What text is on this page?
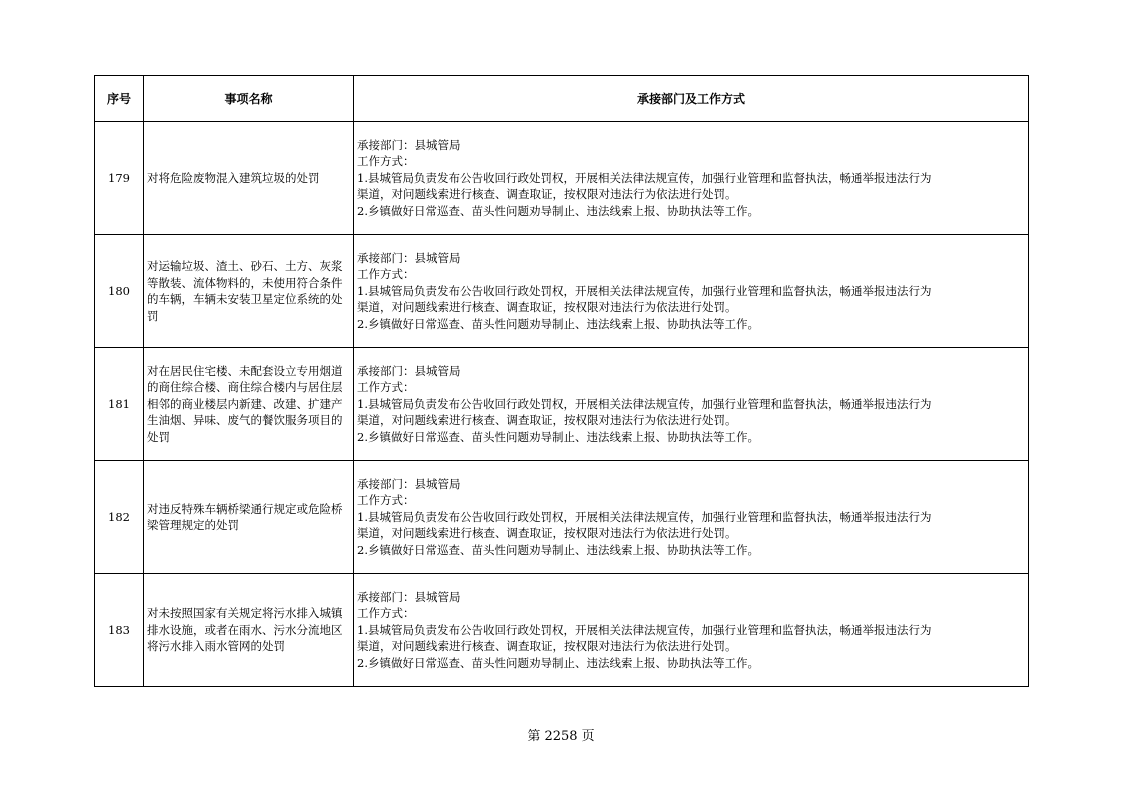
序号	事项名称	承接部门及工作方式
179	对将危险废物混入建筑垃圾的处罚	承接部门：县城管局
工作方式：
1.县城管局负责发布公告收回行政处罚权，开展相关法律法规宣传，加强行业管理和监督执法，畅通举报违法行为
渠道，对问题线索进行核查、调查取证，按权限对违法行为依法进行处罚。
2.乡镇做好日常巡查、苗头性问题劝导制止、违法线索上报、协助执法等工作。

180	对运输垃圾、渣土、砂石、土方、灰浆等散装、流体物料的，未使用符合条件的车辆，车辆未安装卫星定位系统的处罚	承接部门：县城管局
工作方式：
1.县城管局负责发布公告收回行政处罚权，开展相关法律法规宣传，加强行业管理和监督执法，畅通举报违法行为
渠道，对问题线索进行核查、调查取证，按权限对违法行为依法进行处罚。
2.乡镇做好日常巡查、苗头性问题劝导制止、违法线索上报、协助执法等工作。

181	对在居民住宅楼、未配套设立专用烟道的商住综合楼、商住综合楼内与居住层相邻的商业楼层内新建、改建、扩建产生油烟、异味、废气的餐饮服务项目的处罚	承接部门：县城管局
工作方式：
1.县城管局负责发布公告收回行政处罚权，开展相关法律法规宣传，加强行业管理和监督执法，畅通举报违法行为
渠道，对问题线索进行核查、调查取证，按权限对违法行为依法进行处罚。
2.乡镇做好日常巡查、苗头性问题劝导制止、违法线索上报、协助执法等工作。

182	对违反特殊车辆桥梁通行规定或危险桥梁管理规定的处罚	承接部门：县城管局
工作方式：
1.县城管局负责发布公告收回行政处罚权，开展相关法律法规宣传，加强行业管理和监督执法，畅通举报违法行为
渠道，对问题线索进行核查、调查取证，按权限对违法行为依法进行处罚。
2.乡镇做好日常巡查、苗头性问题劝导制止、违法线索上报、协助执法等工作。

183	对未按照国家有关规定将污水排入城镇排水设施，或者在雨水、污水分流地区将污水排入雨水管网的处罚	承接部门：县城管局
工作方式：
1.县城管局负责发布公告收回行政处罚权，开展相关法律法规宣传，加强行业管理和监督执法，畅通举报违法行为
渠道，对问题线索进行核查、调查取证，按权限对违法行为依法进行处罚。
2.乡镇做好日常巡查、苗头性问题劝导制止、违法线索上报、协助执法等工作。
第 2258 页
